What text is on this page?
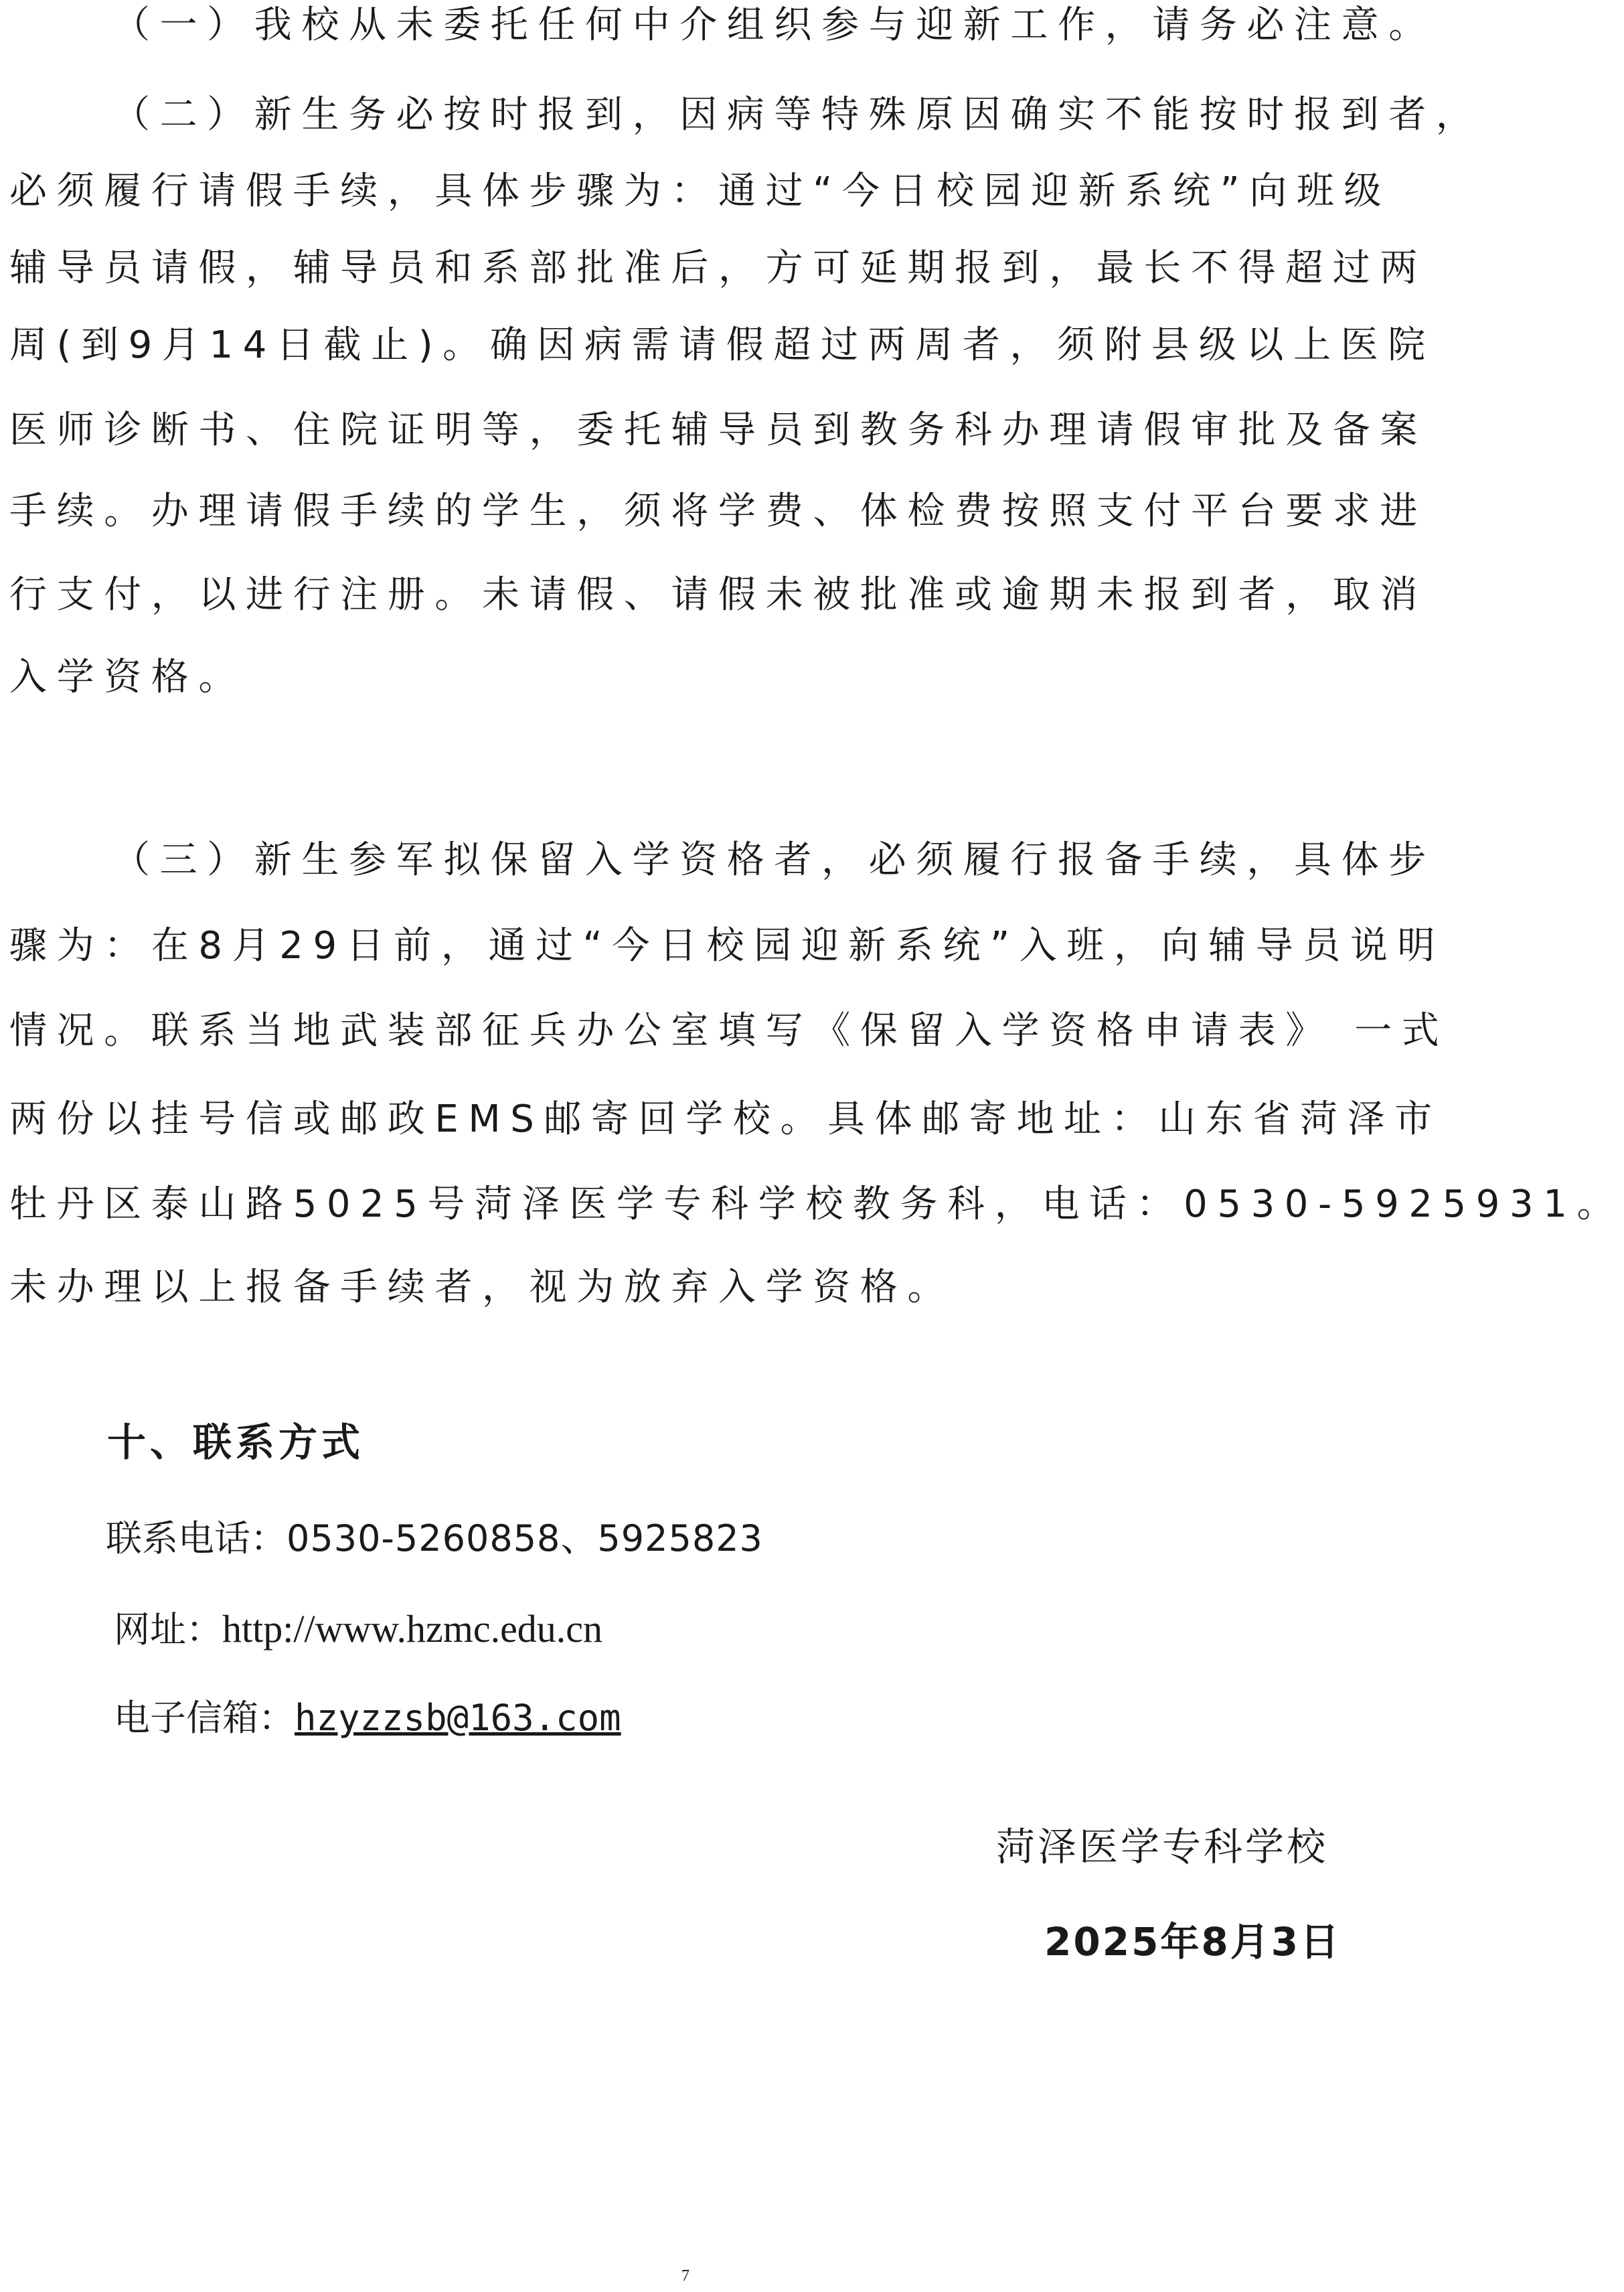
（一）我校从未委托任何中介组织参与迎新工作，请务必注意。
（二）新生务必按时报到，因病等特殊原因确实不能按时报到者，
必须履行请假手续，具体步骤为：通过“今日校园迎新系统”向班级
辅导员请假，辅导员和系部批准后，方可延期报到，最长不得超过两
周(到9月14日截止)。确因病需请假超过两周者，须附县级以上医院
医师诊断书、住院证明等，委托辅导员到教务科办理请假审批及备案
手续。办理请假手续的学生，须将学费、体检费按照支付平台要求进
行支付，以进行注册。未请假、请假未被批准或逾期未报到者，取消
入学资格。
（三）新生参军拟保留入学资格者，必须履行报备手续，具体步
骤为：在8月29日前，通过“今日校园迎新系统”入班，向辅导员说明
情况。联系当地武装部征兵办公室填写《保留入学资格申请表》 一式
两份以挂号信或邮政EMS邮寄回学校。具体邮寄地址：山东省菏泽市
牡丹区泰山路5025号菏泽医学专科学校教务科，电话：0530-5925931。
未办理以上报备手续者，视为放弃入学资格。
十、联系方式
联系电话：0530-5260858、5925823
网址：http://www.hzmc.edu.cn
电子信箱：hzyzzsb@163.com
菏泽医学专科学校
2025年8月3日
7
